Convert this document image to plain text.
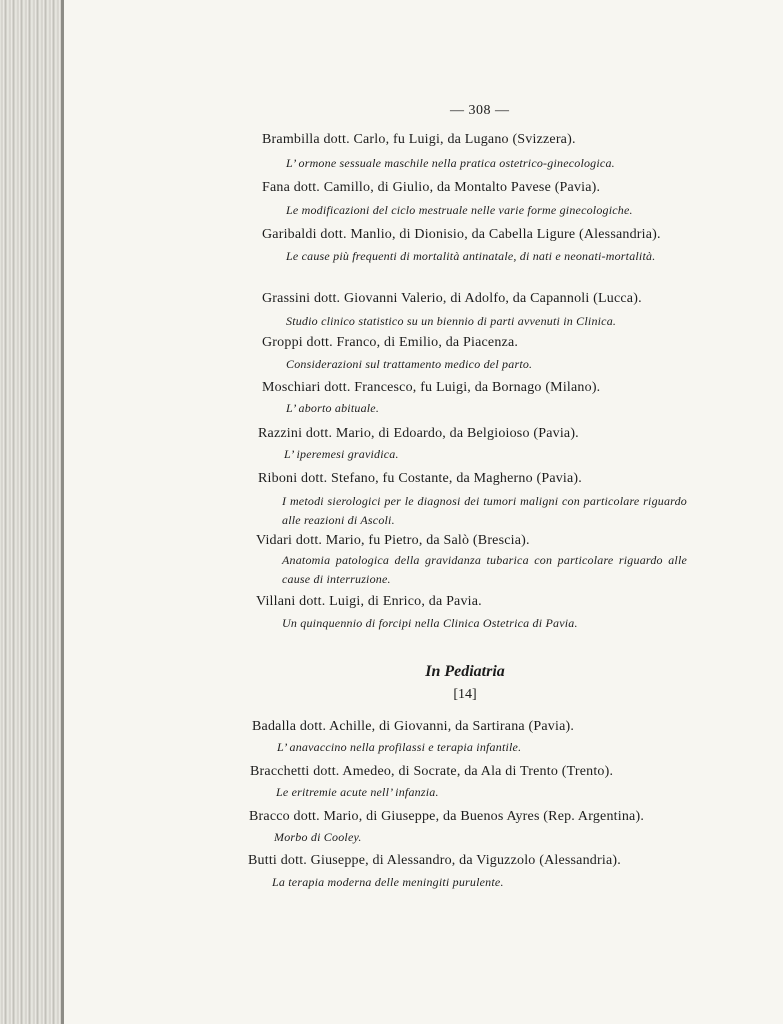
— 308 —
Brambilla dott. Carlo, fu Luigi, da Lugano (Svizzera).
L’ ormone sessuale maschile nella pratica ostetrico-ginecologica.
Fana dott. Camillo, di Giulio, da Montalto Pavese (Pavia).
Le modificazioni del ciclo mestruale nelle varie forme ginecologiche.
Garibaldi dott. Manlio, di Dionisio, da Cabella Ligure (Alessandria).
Le cause più frequenti di mortalità antinatale, di nati e neonati-mortalità.
Grassini dott. Giovanni Valerio, di Adolfo, da Capannoli (Lucca).
Studio clinico statistico su un biennio di parti avvenuti in Clinica.
Groppi dott. Franco, di Emilio, da Piacenza.
Considerazioni sul trattamento medico del parto.
Moschiari dott. Francesco, fu Luigi, da Bornago (Milano).
L’ aborto abituale.
Razzini dott. Mario, di Edoardo, da Belgioioso (Pavia).
L’ iperemesi gravidica.
Riboni dott. Stefano, fu Costante, da Magherno (Pavia).
I metodi sierologici per le diagnosi dei tumori maligni con particolare riguardo alle reazioni di Ascoli.
Vidari dott. Mario, fu Pietro, da Salò (Brescia).
Anatomia patologica della gravidanza tubarica con particolare riguardo alle cause di interruzione.
Villani dott. Luigi, di Enrico, da Pavia.
Un quinquennio di forcipi nella Clinica Ostetrica di Pavia.
In Pediatria
[14]
Badalla dott. Achille, di Giovanni, da Sartirana (Pavia).
L’ anavaccino nella profilassi e terapia infantile.
Bracchetti dott. Amedeo, di Socrate, da Ala di Trento (Trento).
Le eritremie acute nell’ infanzia.
Bracco dott. Mario, di Giuseppe, da Buenos Ayres (Rep. Argentina).
Morbo di Cooley.
Butti dott. Giuseppe, di Alessandro, da Viguzzolo (Alessandria).
La terapia moderna delle meningiti purulente.
